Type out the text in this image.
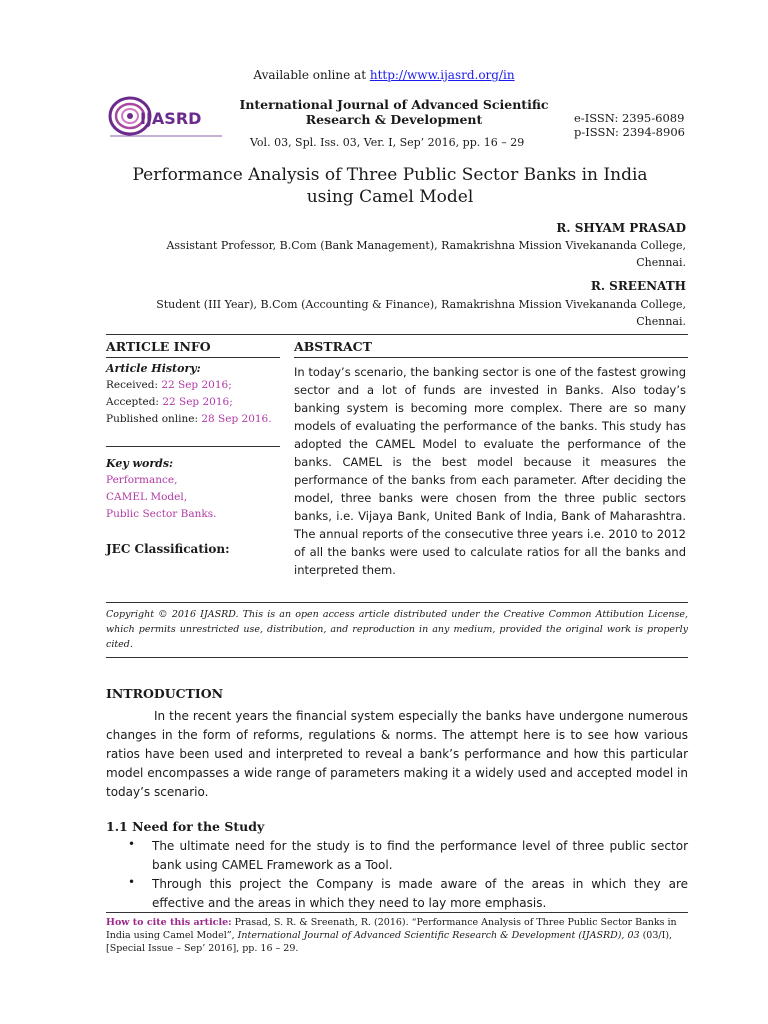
Available online at http://www.ijasrd.org/in
IJASRD
International Journal of Advanced Scientific
Research & Development	e-ISSN: 2395-6089
p-ISSN: 2394-8906
Vol. 03, Spl. Iss. 03, Ver. I, Sep’ 2016, pp. 16 – 29
Performance Analysis of Three Public Sector Banks in India
using Camel Model
R. SHYAM PRASAD
Assistant Professor, B.Com (Bank Management), Ramakrishna Mission Vivekananda College,
Chennai.
R. SREENATH
Student (III Year), B.Com (Accounting & Finance), Ramakrishna Mission Vivekananda College,
Chennai.
ARTICLE INFO	ABSTRACT
Article History:
Received: 22 Sep 2016;
Accepted: 22 Sep 2016;
Published online: 28 Sep 2016.
Key words:
Performance,
CAMEL Model,
Public Sector Banks.
JEC Classification:
In today’s scenario, the banking sector is one of the fastest growing sector and a lot of funds are invested in Banks. Also today’s banking system is becoming more complex. There are so many models of evaluating the performance of the banks. This study has adopted the CAMEL Model to evaluate the performance of the banks. CAMEL is the best model because it measures the performance of the banks from each parameter. After deciding the model, three banks were chosen from the three public sectors banks, i.e. Vijaya Bank, United Bank of India, Bank of Maharashtra. The annual reports of the consecutive three years i.e. 2010 to 2012 of all the banks were used to calculate ratios for all the banks and interpreted them.
Copyright © 2016 IJASRD. This is an open access article distributed under the Creative Common Attibution License, which permits unrestricted use, distribution, and reproduction in any medium, provided the original work is properly cited.
INTRODUCTION
In the recent years the financial system especially the banks have undergone numerous changes in the form of reforms, regulations & norms. The attempt here is to see how various ratios have been used and interpreted to reveal a bank’s performance and how this particular model encompasses a wide range of parameters making it a widely used and accepted model in today’s scenario.
1.1 Need for the Study
• The ultimate need for the study is to find the performance level of three public sector bank using CAMEL Framework as a Tool.
• Through this project the Company is made aware of the areas in which they are effective and the areas in which they need to lay more emphasis.
How to cite this article: Prasad, S. R. & Sreenath, R. (2016). “Performance Analysis of Three Public Sector Banks in India using Camel Model”, International Journal of Advanced Scientific Research & Development (IJASRD), 03 (03/I), [Special Issue – Sep’ 2016], pp. 16 – 29.
